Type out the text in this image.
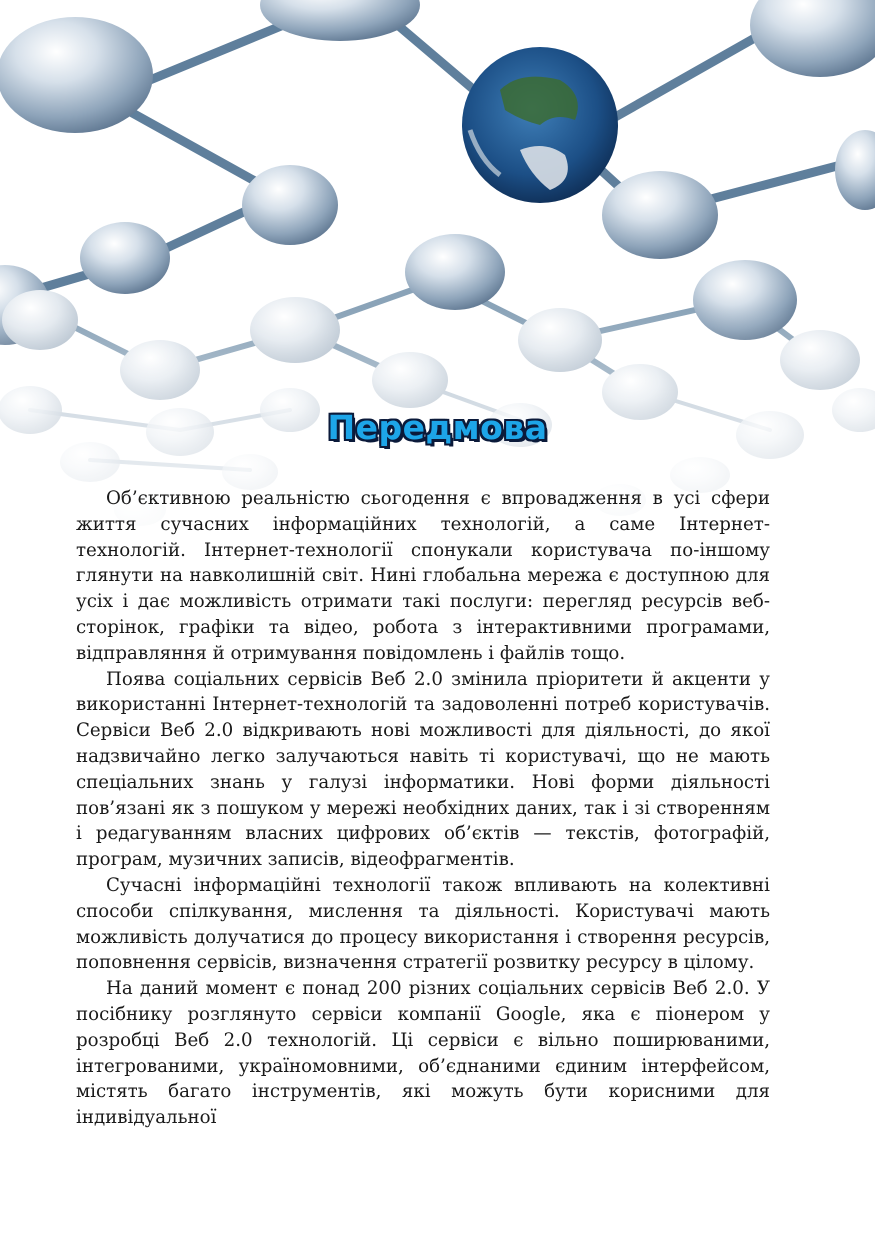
Передмова

Об’єктивною реальністю сьогодення є впровадження в усі сфери життя сучасних інформаційних технологій, а саме Інтернет-технологій. Інтернет-технології спонукали користувача по-іншому глянути на навколишній світ. Нині глобальна мережа є доступною для усіх і дає можливість отримати такі послуги: перегляд ресурсів веб-сторінок, графіки та відео, робота з інтерактивними програмами, відправляння й отримування повідомлень і файлів тощо.

Поява соціальних сервісів Веб 2.0 змінила пріоритети й акценти у використанні Інтернет-технологій та задоволенні потреб користувачів. Сервіси Веб 2.0 відкривають нові можливості для діяльності, до якої надзвичайно легко залучаються навіть ті користувачі, що не мають спеціальних знань у галузі інформатики. Нові форми діяльності пов’язані як з пошуком у мережі необхідних даних, так і зі створенням і редагуванням власних цифрових об’єктів — текстів, фотографій, програм, музичних записів, відеофрагментів.

Сучасні інформаційні технології також впливають на колективні способи спілкування, мислення та діяльності. Користувачі мають можливість долучатися до процесу використання і створення ресурсів, поповнення сервісів, визначення стратегії розвитку ресурсу в цілому.

На даний момент є понад 200 різних соціальних сервісів Веб 2.0. У посібнику розглянуто сервіси компанії Google, яка є піонером у розробці Веб 2.0 технологій. Ці сервіси є вільно поширюваними, інтегрованими, україномовними, об’єднаними єдиним інтерфейсом, містять багато інструментів, які можуть бути корисними для індивідуальної
